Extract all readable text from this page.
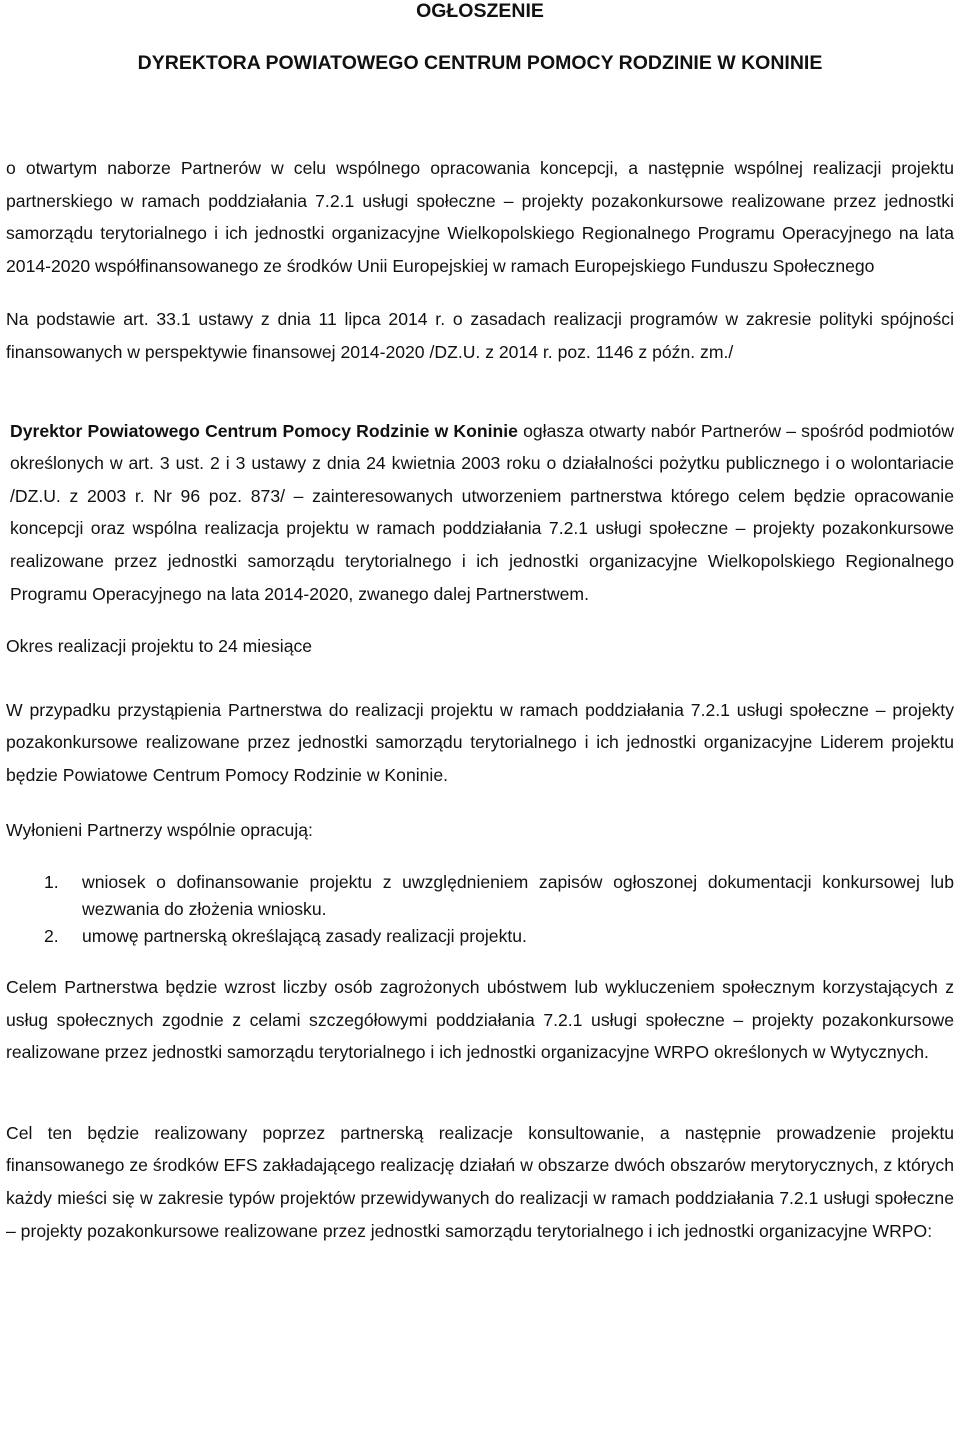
OGŁOSZENIE
DYREKTORA POWIATOWEGO CENTRUM POMOCY RODZINIE W KONINIE

o otwartym naborze Partnerów w celu wspólnego opracowania koncepcji, a następnie wspólnej realizacji projektu partnerskiego w ramach poddziałania 7.2.1 usługi społeczne – projekty pozakonkursowe realizowane przez jednostki samorządu terytorialnego i ich jednostki organizacyjne Wielkopolskiego Regionalnego Programu Operacyjnego na lata 2014-2020 współfinansowanego ze środków Unii Europejskiej w ramach Europejskiego Funduszu Społecznego

Na podstawie art. 33.1 ustawy z dnia 11 lipca 2014 r. o zasadach realizacji programów w zakresie polityki spójności finansowanych w perspektywie finansowej 2014-2020 /DZ.U. z 2014 r. poz. 1146 z późn. zm./

Dyrektor Powiatowego Centrum Pomocy Rodzinie w Koninie ogłasza otwarty nabór Partnerów – spośród podmiotów określonych w art. 3 ust. 2 i 3 ustawy z dnia 24 kwietnia 2003 roku o działalności pożytku publicznego i o wolontariacie /DZ.U. z 2003 r. Nr 96 poz. 873/ – zainteresowanych utworzeniem partnerstwa którego celem będzie opracowanie koncepcji oraz wspólna realizacja projektu w ramach poddziałania 7.2.1 usługi społeczne – projekty pozakonkursowe realizowane przez jednostki samorządu terytorialnego i ich jednostki organizacyjne Wielkopolskiego Regionalnego Programu Operacyjnego na lata 2014-2020, zwanego dalej Partnerstwem.

Okres realizacji projektu to 24 miesiące

W przypadku przystąpienia Partnerstwa do realizacji projektu w ramach poddziałania 7.2.1 usługi społeczne – projekty pozakonkursowe realizowane przez jednostki samorządu terytorialnego i ich jednostki organizacyjne Liderem projektu będzie Powiatowe Centrum Pomocy Rodzinie w Koninie.

Wyłonieni Partnerzy wspólnie opracują:

1. wniosek o dofinansowanie projektu z uwzględnieniem zapisów ogłoszonej dokumentacji konkursowej lub wezwania do złożenia wniosku.
2. umowę partnerską określającą zasady realizacji projektu.

Celem Partnerstwa będzie wzrost liczby osób zagrożonych ubóstwem lub wykluczeniem społecznym korzystających z usług społecznych zgodnie z celami szczegółowymi poddziałania 7.2.1 usługi społeczne – projekty pozakonkursowe realizowane przez jednostki samorządu terytorialnego i ich jednostki organizacyjne WRPO określonych w Wytycznych.

Cel ten będzie realizowany poprzez partnerską realizacje konsultowanie, a następnie prowadzenie projektu finansowanego ze środków EFS zakładającego realizację działań w obszarze dwóch obszarów merytorycznych, z których każdy mieści się w zakresie typów projektów przewidywanych do realizacji w ramach poddziałania 7.2.1 usługi społeczne – projekty pozakonkursowe realizowane przez jednostki samorządu terytorialnego i ich jednostki organizacyjne WRPO:
